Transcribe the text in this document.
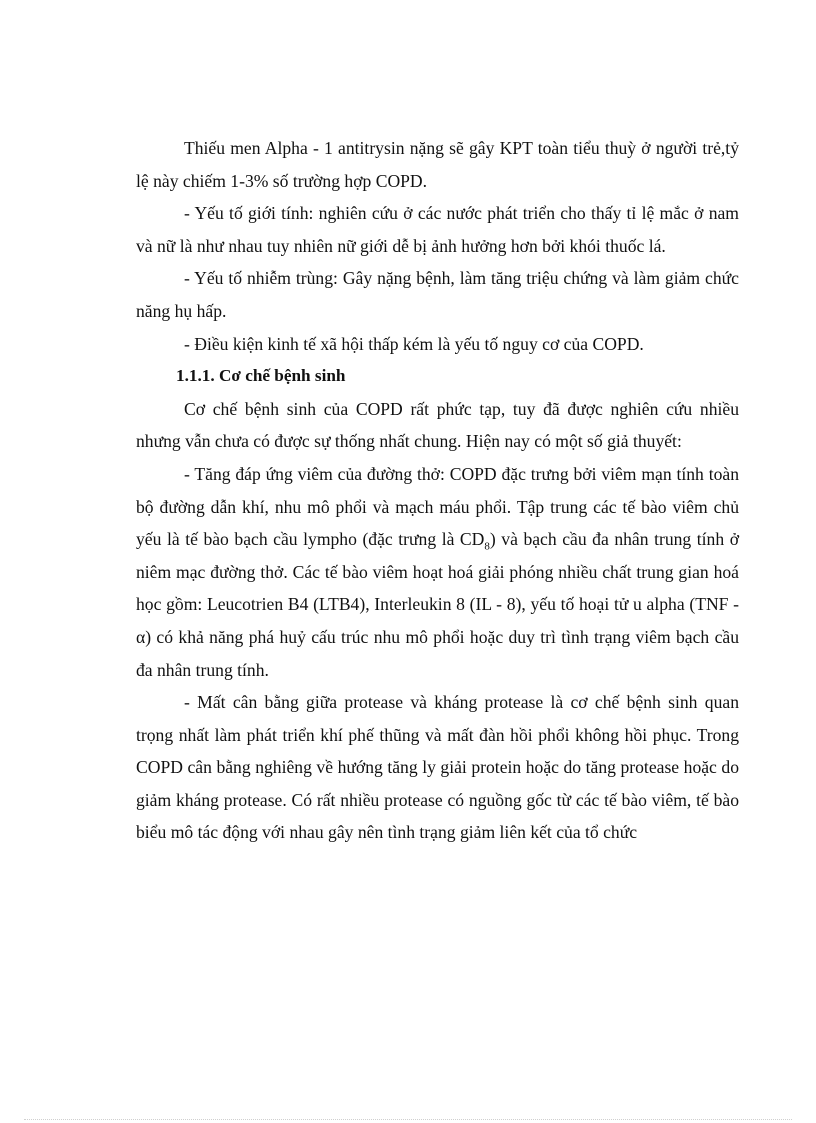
Thiếu men Alpha - 1 antitrysin nặng sẽ gây KPT toàn tiểu thuỳ ở người trẻ,tỷ lệ này chiếm 1-3% số trường hợp COPD.

- Yếu tố giới tính: nghiên cứu ở các nước phát triển cho thấy tỉ lệ mắc ở nam và nữ là như nhau tuy nhiên nữ giới dễ bị ảnh hưởng hơn bởi khói thuốc lá.

- Yếu tố nhiễm trùng: Gây nặng bệnh, làm tăng triệu chứng và làm giảm chức năng hụ hấp.

- Điều kiện kinh tế xã hội thấp kém là yếu tố nguy cơ của COPD.

1.1.1. Cơ chế bệnh sinh

Cơ chế bệnh sinh của COPD rất phức tạp, tuy đã được nghiên cứu nhiều nhưng vẫn chưa có được sự thống nhất chung. Hiện nay có một số giả thuyết:

- Tăng đáp ứng viêm của đường thở: COPD đặc trưng bởi viêm mạn tính toàn bộ đường dẫn khí, nhu mô phổi và mạch máu phổi. Tập trung các tế bào viêm chủ yếu là tế bào bạch cầu lympho (đặc trưng là $CD_8$) và bạch cầu đa nhân trung tính ở niêm mạc đường thở. Các tế bào viêm hoạt hoá giải phóng nhiều chất trung gian hoá học gồm: Leucotrien B4 (LTB4), Interleukin 8 (IL - 8), yếu tố hoại tử u alpha (TNF - α) có khả năng phá huỷ cấu trúc nhu mô phổi hoặc duy trì tình trạng viêm bạch cầu đa nhân trung tính.

- Mất cân bằng giữa protease và kháng protease là cơ chế bệnh sinh quan trọng nhất làm phát triển khí phế thũng và mất đàn hồi phổi không hồi phục. Trong COPD cân bằng nghiêng về hướng tăng ly giải protein hoặc do tăng protease hoặc do giảm kháng protease. Có rất nhiều protease có nguồng gốc từ các tế bào viêm, tế bào biểu mô tác động với nhau gây nên tình trạng giảm liên kết của tổ chức
